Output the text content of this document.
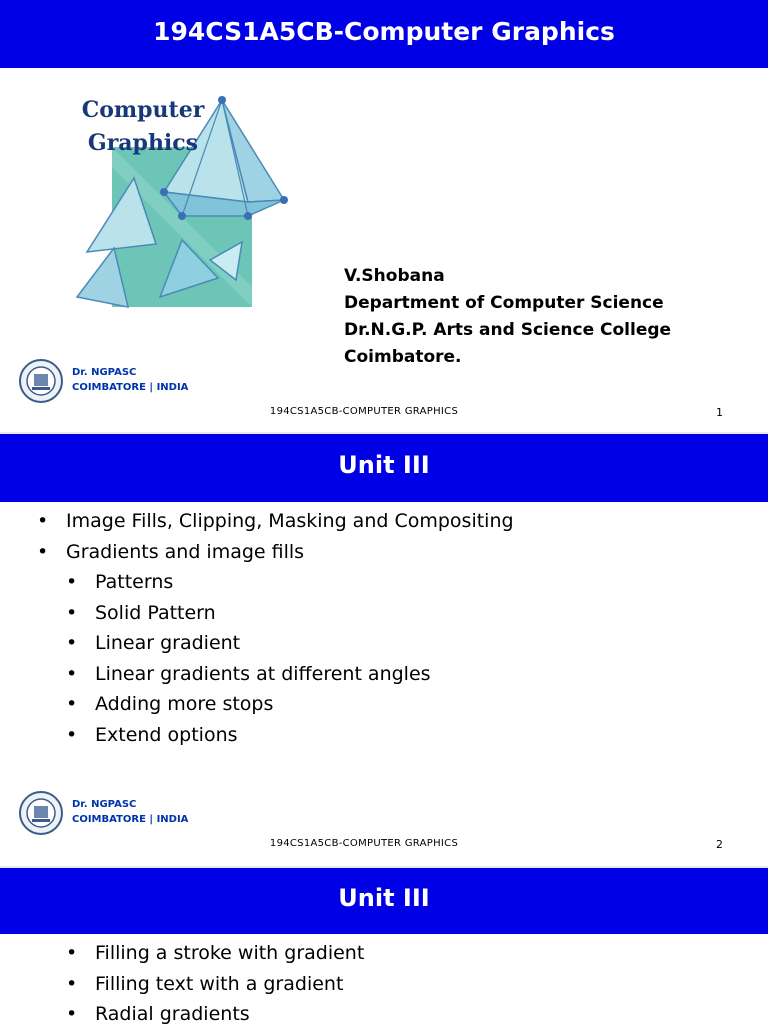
194CS1A5CB-Computer Graphics
Computer
Graphics
V.Shobana
Department of Computer Science
Dr.N.G.P. Arts and Science College
Coimbatore.
Dr. NGPASC
COIMBATORE | INDIA
194CS1A5CB-COMPUTER GRAPHICS	1
Unit III
• Image Fills, Clipping, Masking and Compositing
• Gradients and image fills
• Patterns
• Solid Pattern
• Linear gradient
• Linear gradients at different angles
• Adding more stops
• Extend options
Dr. NGPASC
COIMBATORE | INDIA
194CS1A5CB-COMPUTER GRAPHICS	2
Unit III
• Filling a stroke with gradient
• Filling text with a gradient
• Radial gradients
